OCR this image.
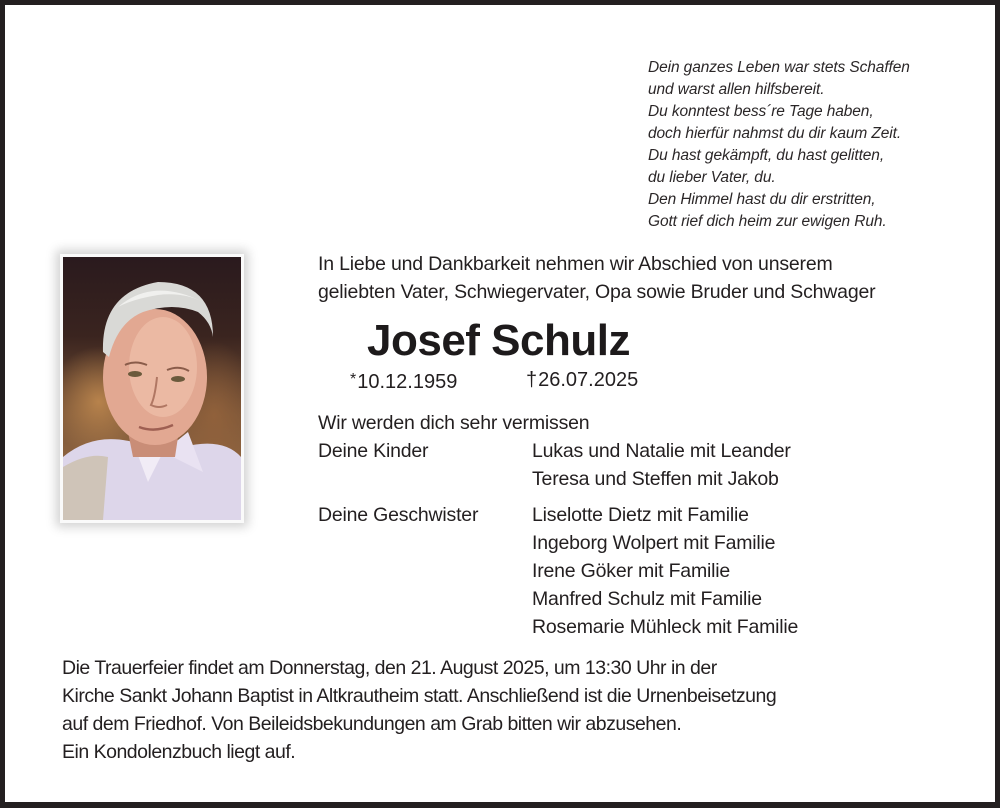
Dein ganzes Leben war stets Schaffen
und warst allen hilfsbereit.
Du konntest bess´re Tage haben,
doch hierfür nahmst du dir kaum Zeit.
Du hast gekämpft, du hast gelitten,
du lieber Vater, du.
Den Himmel hast du dir erstritten,
Gott rief dich heim zur ewigen Ruh.
In Liebe und Dankbarkeit nehmen wir Abschied von unserem
geliebten Vater, Schwiegervater, Opa sowie Bruder und Schwager
Josef Schulz
*10.12.1959	†26.07.2025
Wir werden dich sehr vermissen
Deine Kinder	Lukas und Natalie mit Leander
Teresa und Steffen mit Jakob
Deine Geschwister	Liselotte Dietz mit Familie
Ingeborg Wolpert mit Familie
Irene Göker mit Familie
Manfred Schulz mit Familie
Rosemarie Mühleck mit Familie
Die Trauerfeier findet am Donnerstag, den 21. August 2025, um 13:30 Uhr in der
Kirche Sankt Johann Baptist in Altkrautheim statt. Anschließend ist die Urnenbeisetzung
auf dem Friedhof. Von Beileidsbekundungen am Grab bitten wir abzusehen.
Ein Kondolenzbuch liegt auf.
